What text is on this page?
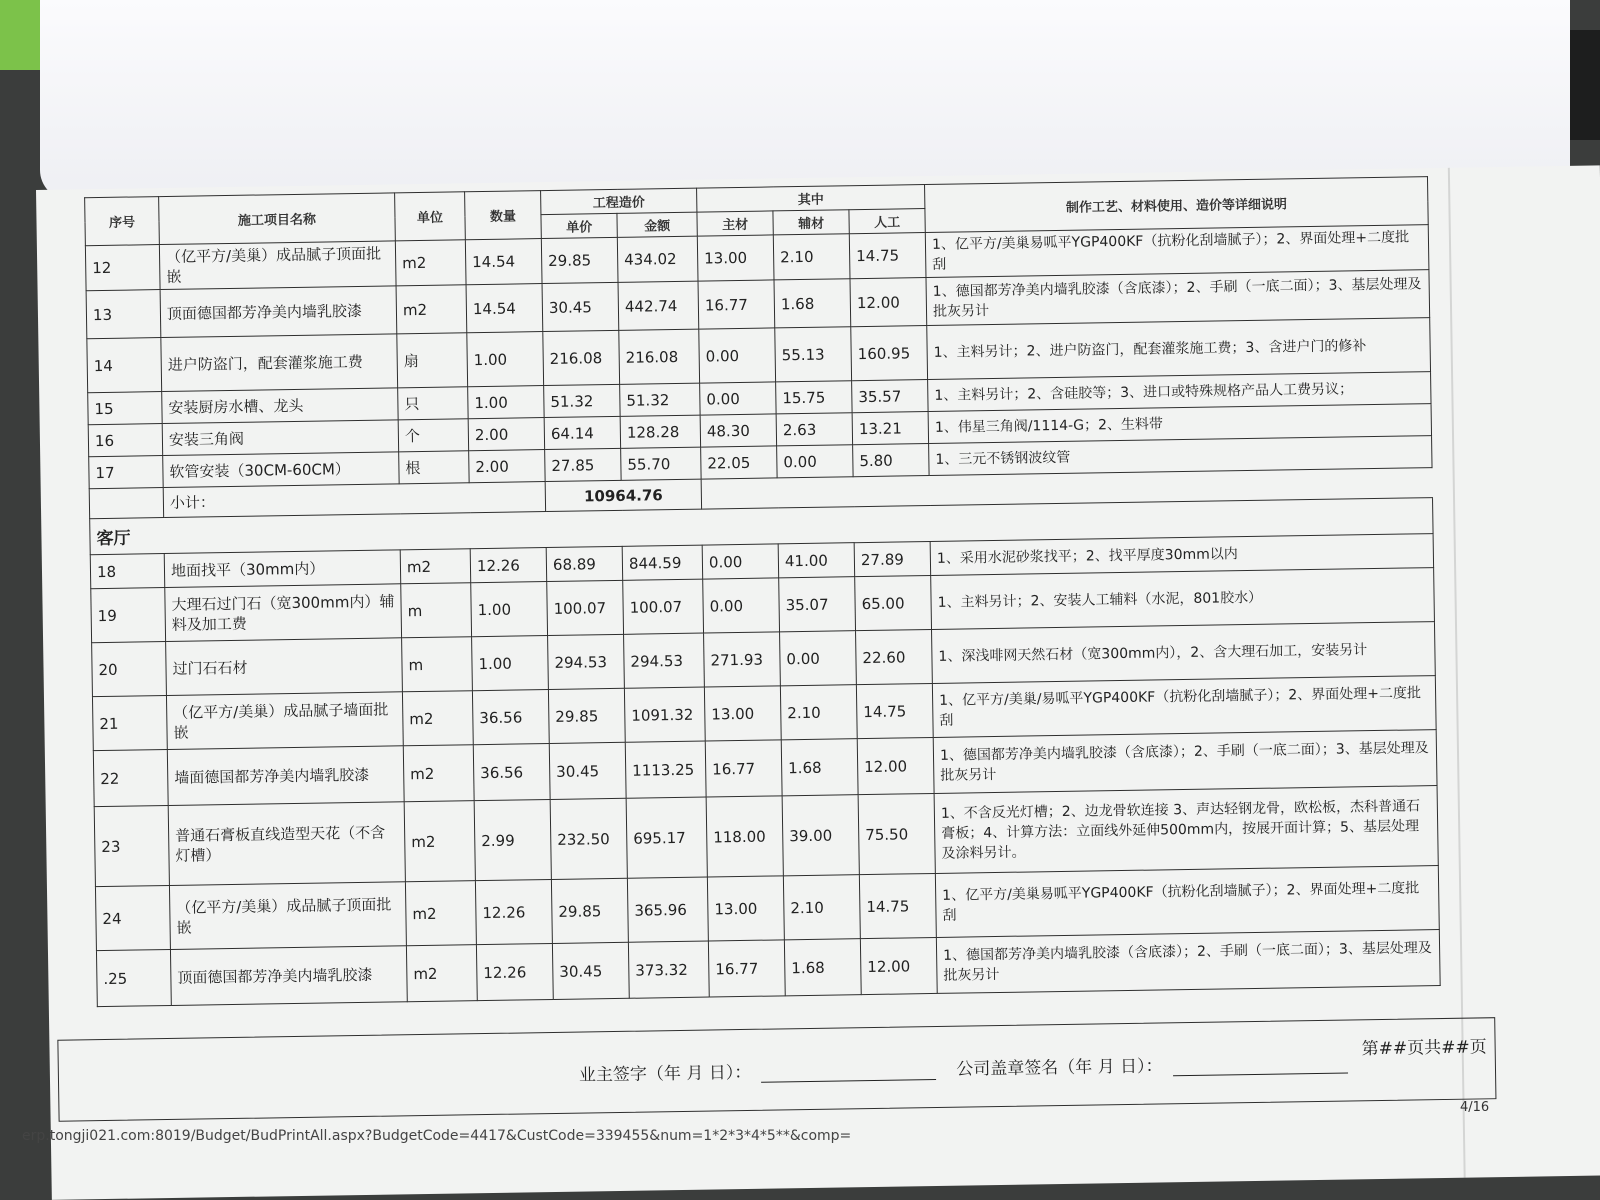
序号	施工项目名称	单位	数量	工程造价		其中			制作工艺、材料使用、造价等详细说明
				单价	金额	主材	辅材	人工	
12	（亿平方/美巢）成品腻子顶面批嵌	m2	14.54	29.85	434.02	13.00	2.10	14.75	1、亿平方/美巢易呱平YGP400KF（抗粉化刮墙腻子）；2、界面处理+二度批刮
13	顶面德国都芳净美内墙乳胶漆	m2	14.54	30.45	442.74	16.77	1.68	12.00	1、德国都芳净美内墙乳胶漆（含底漆）；2、手刷（一底二面）；3、基层处理及批灰另计
14	进户防盗门，配套灌浆施工费	扇	1.00	216.08	216.08	0.00	55.13	160.95	1、主料另计；2、进户防盗门，配套灌浆施工费；3、含进户门的修补
15	安装厨房水槽、龙头	只	1.00	51.32	51.32	0.00	15.75	35.57	1、主料另计；2、含硅胶等；3、进口或特殊规格产品人工费另议；
16	安装三角阀	个	2.00	64.14	128.28	48.30	2.63	13.21	1、伟星三角阀/1114-G；2、生料带
17	软管安装（30CM-60CM）	根	2.00	27.85	55.70	22.05	0.00	5.80	1、三元不锈钢波纹管
	小计：			10964.76					
客厅									
18	地面找平（30mm内）	m2	12.26	68.89	844.59	0.00	41.00	27.89	1、采用水泥砂浆找平；2、找平厚度30mm以内
19	大理石过门石（宽300mm内）辅料及加工费	m	1.00	100.07	100.07	0.00	35.07	65.00	1、主料另计；2、安装人工辅料（水泥，801胶水）
20	过门石石材	m	1.00	294.53	294.53	271.93	0.00	22.60	1、深浅啡网天然石材（宽300mm内），2、含大理石加工，安装另计
21	（亿平方/美巢）成品腻子墙面批嵌	m2	36.56	29.85	1091.32	13.00	2.10	14.75	1、亿平方/美巢/易呱平YGP400KF（抗粉化刮墙腻子）；2、界面处理+二度批刮
22	墙面德国都芳净美内墙乳胶漆	m2	36.56	30.45	1113.25	16.77	1.68	12.00	1、德国都芳净美内墙乳胶漆（含底漆）；2、手刷（一底二面）；3、基层处理及批灰另计
23	普通石膏板直线造型天花（不含灯槽）	m2	2.99	232.50	695.17	118.00	39.00	75.50	1、不含反光灯槽；2、边龙骨软连接 3、声达轻钢龙骨，欧松板，杰科普通石膏板；4、计算方法：立面线外延伸500mm内，按展开面计算；5、基层处理及涂料另计。
24	（亿平方/美巢）成品腻子顶面批嵌	m2	12.26	29.85	365.96	13.00	2.10	14.75	1、亿平方/美巢易呱平YGP400KF（抗粉化刮墙腻子）；2、界面处理+二度批刮
.25	顶面德国都芳净美内墙乳胶漆	m2	12.26	30.45	373.32	16.77	1.68	12.00	1、德国都芳净美内墙乳胶漆（含底漆）；2、手刷（一底二面）；3、基层处理及批灰另计
业主签字（年 月 日）：	公司盖章签名（年 月 日）：
第##页共##页
4/16
erp.tongji021.com:8019/Budget/BudPrintAll.aspx?BudgetCode=4417&CustCode=339455&num=1*2*3*4*5**&comp=
